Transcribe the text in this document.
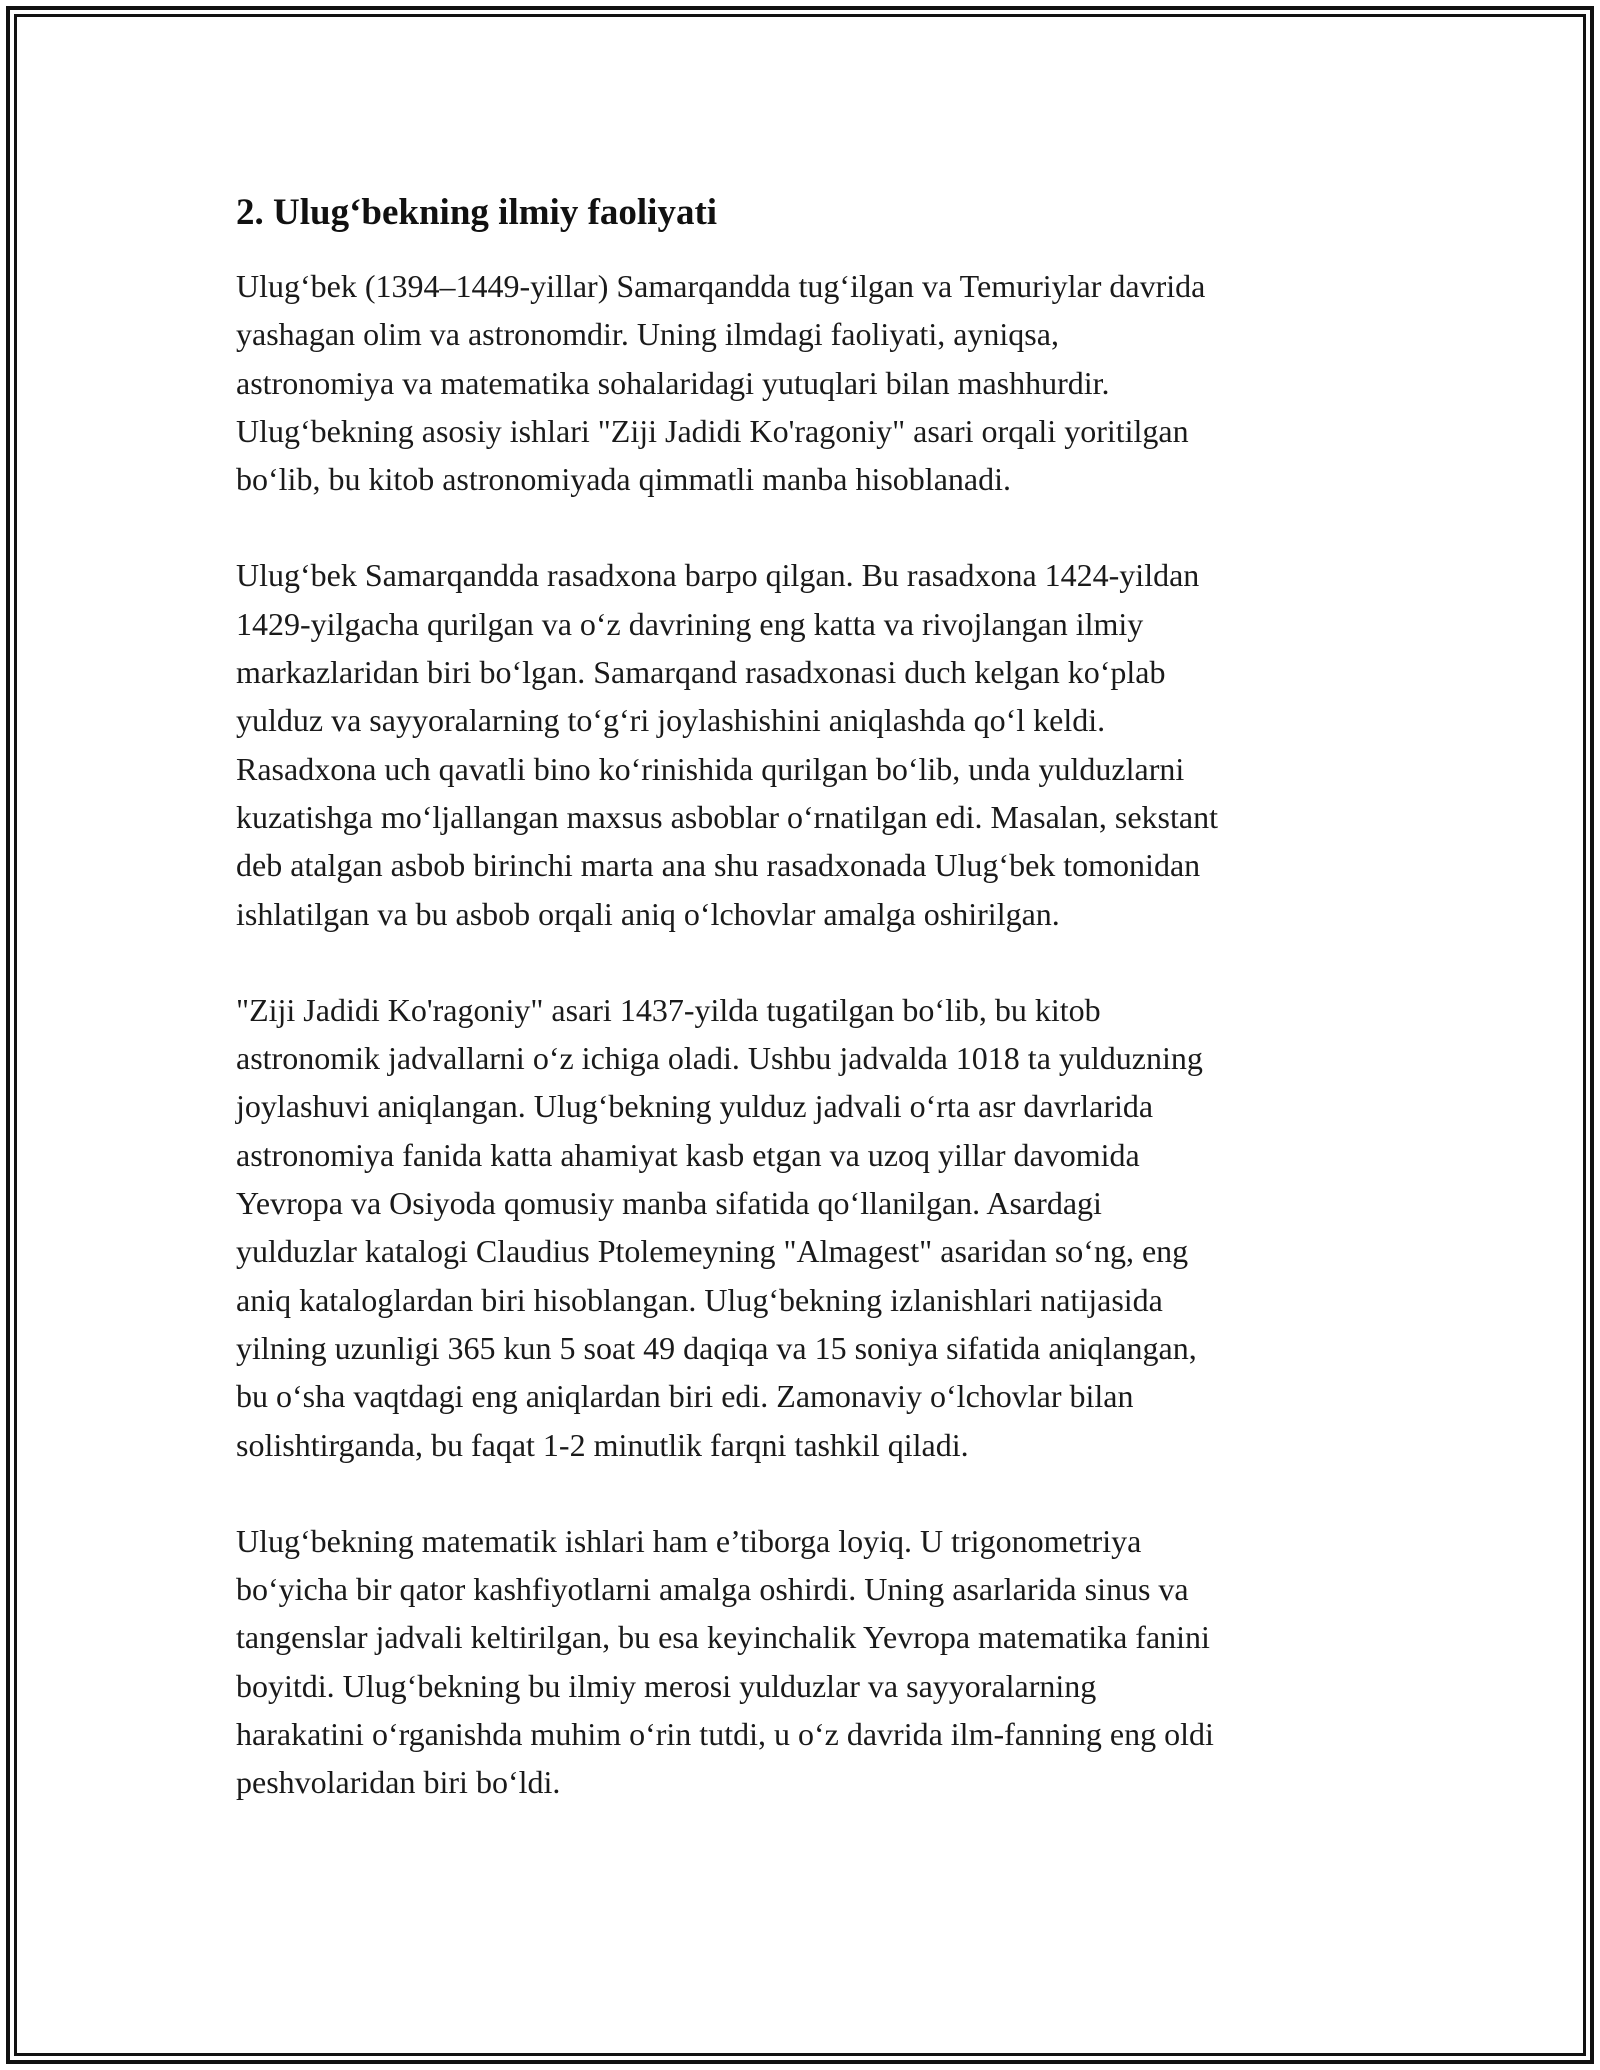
2. Ulug‘bekning ilmiy faoliyati

Ulug‘bek (1394–1449-yillar) Samarqandda tug‘ilgan va Temuriylar davrida
yashagan olim va astronomdir. Uning ilmdagi faoliyati, ayniqsa,
astronomiya va matematika sohalaridagi yutuqlari bilan mashhurdir.
Ulug‘bekning asosiy ishlari "Ziji Jadidi Ko'ragoniy" asari orqali yoritilgan
bo‘lib, bu kitob astronomiyada qimmatli manba hisoblanadi.

Ulug‘bek Samarqandda rasadxona barpo qilgan. Bu rasadxona 1424-yildan
1429-yilgacha qurilgan va o‘z davrining eng katta va rivojlangan ilmiy
markazlaridan biri bo‘lgan. Samarqand rasadxonasi duch kelgan ko‘plab
yulduz va sayyoralarning to‘g‘ri joylashishini aniqlashda qo‘l keldi.
Rasadxona uch qavatli bino ko‘rinishida qurilgan bo‘lib, unda yulduzlarni
kuzatishga mo‘ljallangan maxsus asboblar o‘rnatilgan edi. Masalan, sekstant
deb atalgan asbob birinchi marta ana shu rasadxonada Ulug‘bek tomonidan
ishlatilgan va bu asbob orqali aniq o‘lchovlar amalga oshirilgan.

"Ziji Jadidi Ko'ragoniy" asari 1437-yilda tugatilgan bo‘lib, bu kitob
astronomik jadvallarni o‘z ichiga oladi. Ushbu jadvalda 1018 ta yulduzning
joylashuvi aniqlangan. Ulug‘bekning yulduz jadvali o‘rta asr davrlarida
astronomiya fanida katta ahamiyat kasb etgan va uzoq yillar davomida
Yevropa va Osiyoda qomusiy manba sifatida qo‘llanilgan. Asardagi
yulduzlar katalogi Claudius Ptolemeyning "Almagest" asaridan so‘ng, eng
aniq kataloglardan biri hisoblangan. Ulug‘bekning izlanishlari natijasida
yilning uzunligi 365 kun 5 soat 49 daqiqa va 15 soniya sifatida aniqlangan,
bu o‘sha vaqtdagi eng aniqlardan biri edi. Zamonaviy o‘lchovlar bilan
solishtirganda, bu faqat 1-2 minutlik farqni tashkil qiladi.

Ulug‘bekning matematik ishlari ham e’tiborga loyiq. U trigonometriya
bo‘yicha bir qator kashfiyotlarni amalga oshirdi. Uning asarlarida sinus va
tangenslar jadvali keltirilgan, bu esa keyinchalik Yevropa matematika fanini
boyitdi. Ulug‘bekning bu ilmiy merosi yulduzlar va sayyoralarning
harakatini o‘rganishda muhim o‘rin tutdi, u o‘z davrida ilm-fanning eng oldi
peshvolaridan biri bo‘ldi.
